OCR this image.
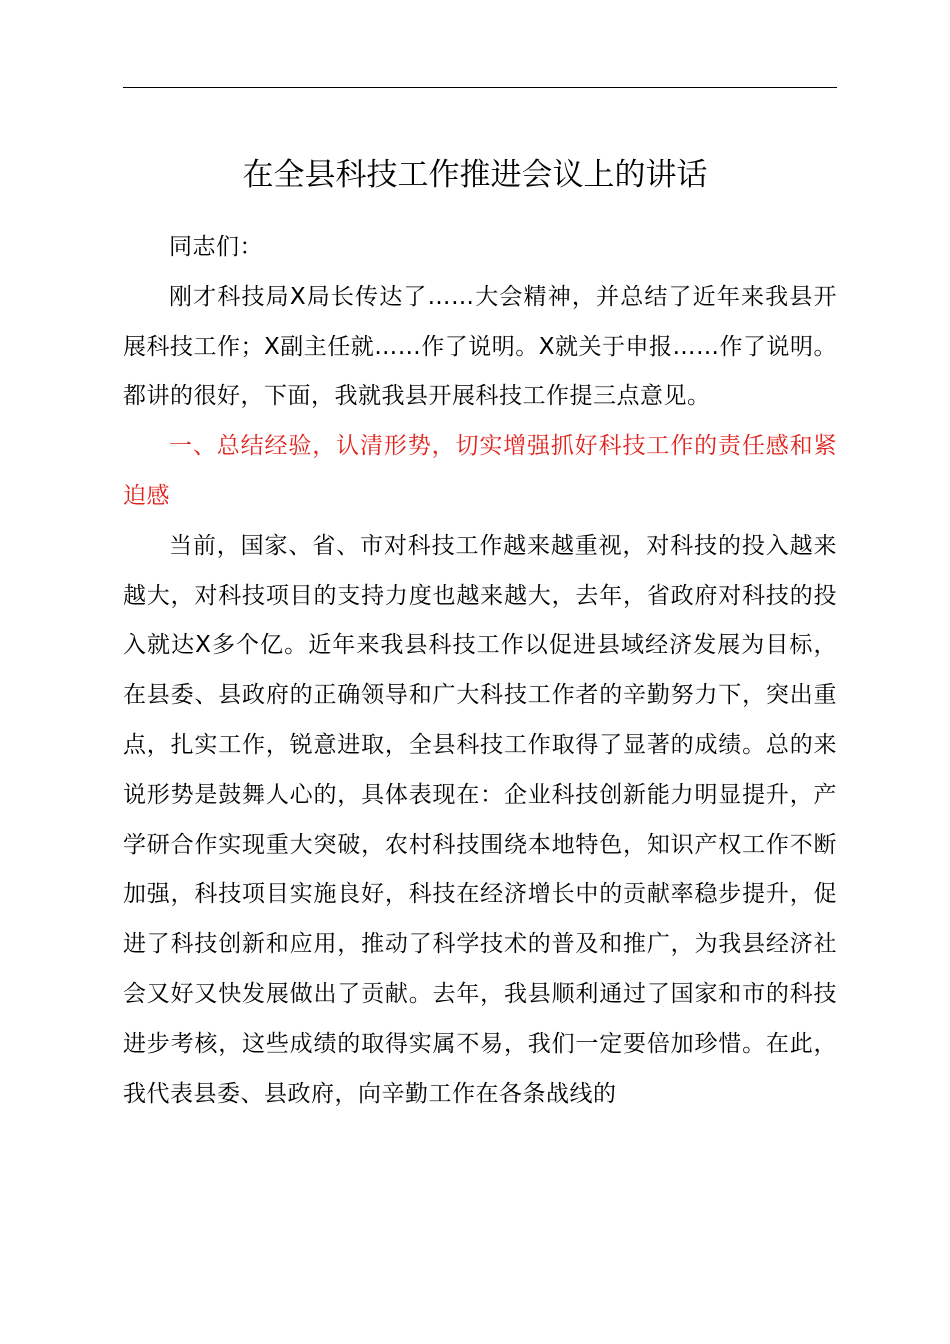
在全县科技工作推进会议上的讲话

同志们：

刚才科技局X局长传达了……大会精神，并总结了近年来我县开展科技工作；X副主任就……作了说明。X就关于申报……作了说明。都讲的很好，下面，我就我县开展科技工作提三点意见。

一、总结经验，认清形势，切实增强抓好科技工作的责任感和紧迫感

当前，国家、省、市对科技工作越来越重视，对科技的投入越来越大，对科技项目的支持力度也越来越大，去年，省政府对科技的投入就达X多个亿。近年来我县科技工作以促进县域经济发展为目标，在县委、县政府的正确领导和广大科技工作者的辛勤努力下，突出重点，扎实工作，锐意进取，全县科技工作取得了显著的成绩。总的来说形势是鼓舞人心的，具体表现在：企业科技创新能力明显提升，产学研合作实现重大突破，农村科技围绕本地特色，知识产权工作不断加强，科技项目实施良好，科技在经济增长中的贡献率稳步提升，促进了科技创新和应用，推动了科学技术的普及和推广，为我县经济社会又好又快发展做出了贡献。去年，我县顺利通过了国家和市的科技进步考核，这些成绩的取得实属不易，我们一定要倍加珍惜。在此，我代表县委、县政府，向辛勤工作在各条战线的
